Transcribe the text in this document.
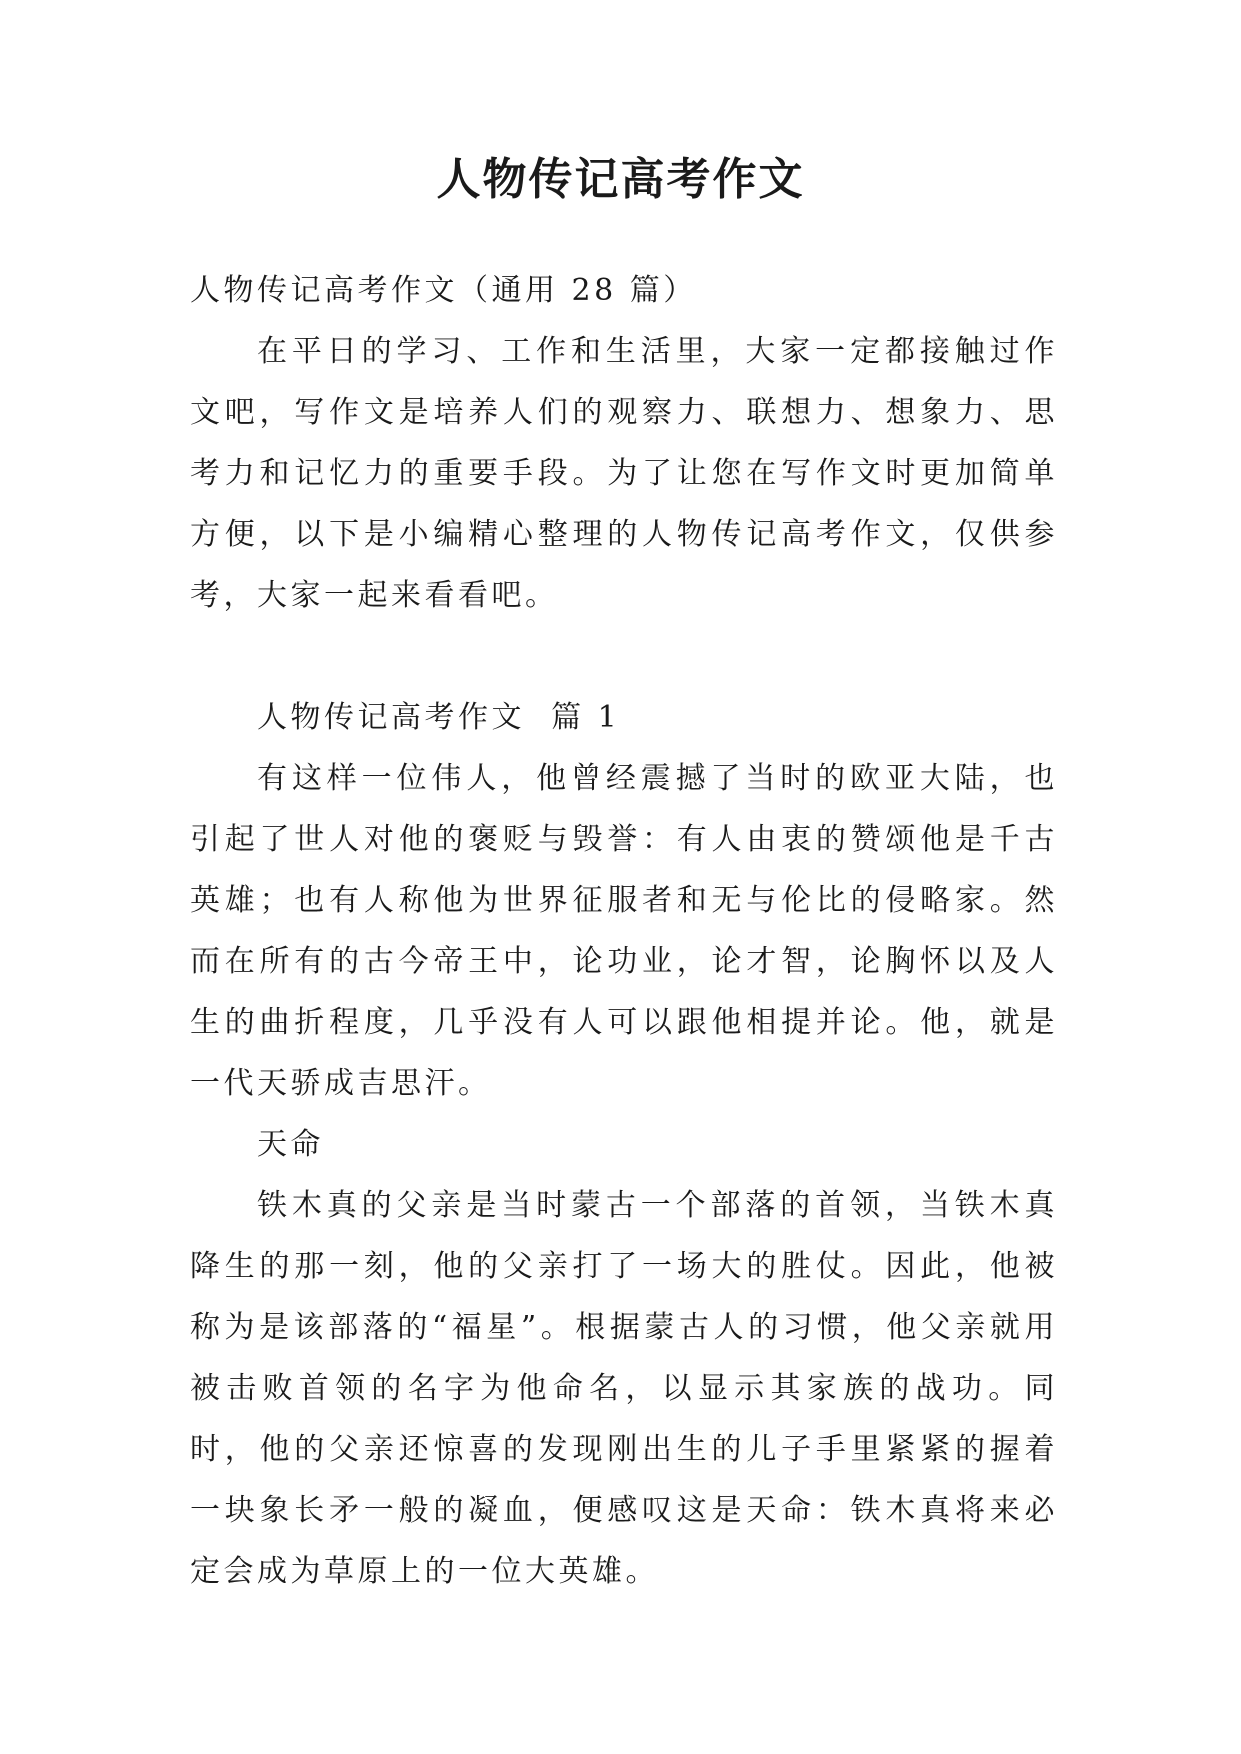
人物传记高考作文

人物传记高考作文（通用 28 篇）

在平日的学习、工作和生活里，大家一定都接触过作文吧，写作文是培养人们的观察力、联想力、想象力、思考力和记忆力的重要手段。为了让您在写作文时更加简单方便，以下是小编精心整理的人物传记高考作文，仅供参考，大家一起来看看吧。

人物传记高考作文  篇 1

有这样一位伟人，他曾经震撼了当时的欧亚大陆，也引起了世人对他的褒贬与毁誉：有人由衷的赞颂他是千古英雄；也有人称他为世界征服者和无与伦比的侵略家。然而在所有的古今帝王中，论功业，论才智，论胸怀以及人生的曲折程度，几乎没有人可以跟他相提并论。他，就是一代天骄成吉思汗。

天命

铁木真的父亲是当时蒙古一个部落的首领，当铁木真降生的那一刻，他的父亲打了一场大的胜仗。因此，他被称为是该部落的“福星”。根据蒙古人的习惯，他父亲就用被击败首领的名字为他命名，以显示其家族的战功。同时，他的父亲还惊喜的发现刚出生的儿子手里紧紧的握着一块象长矛一般的凝血，便感叹这是天命：铁木真将来必定会成为草原上的一位大英雄。
